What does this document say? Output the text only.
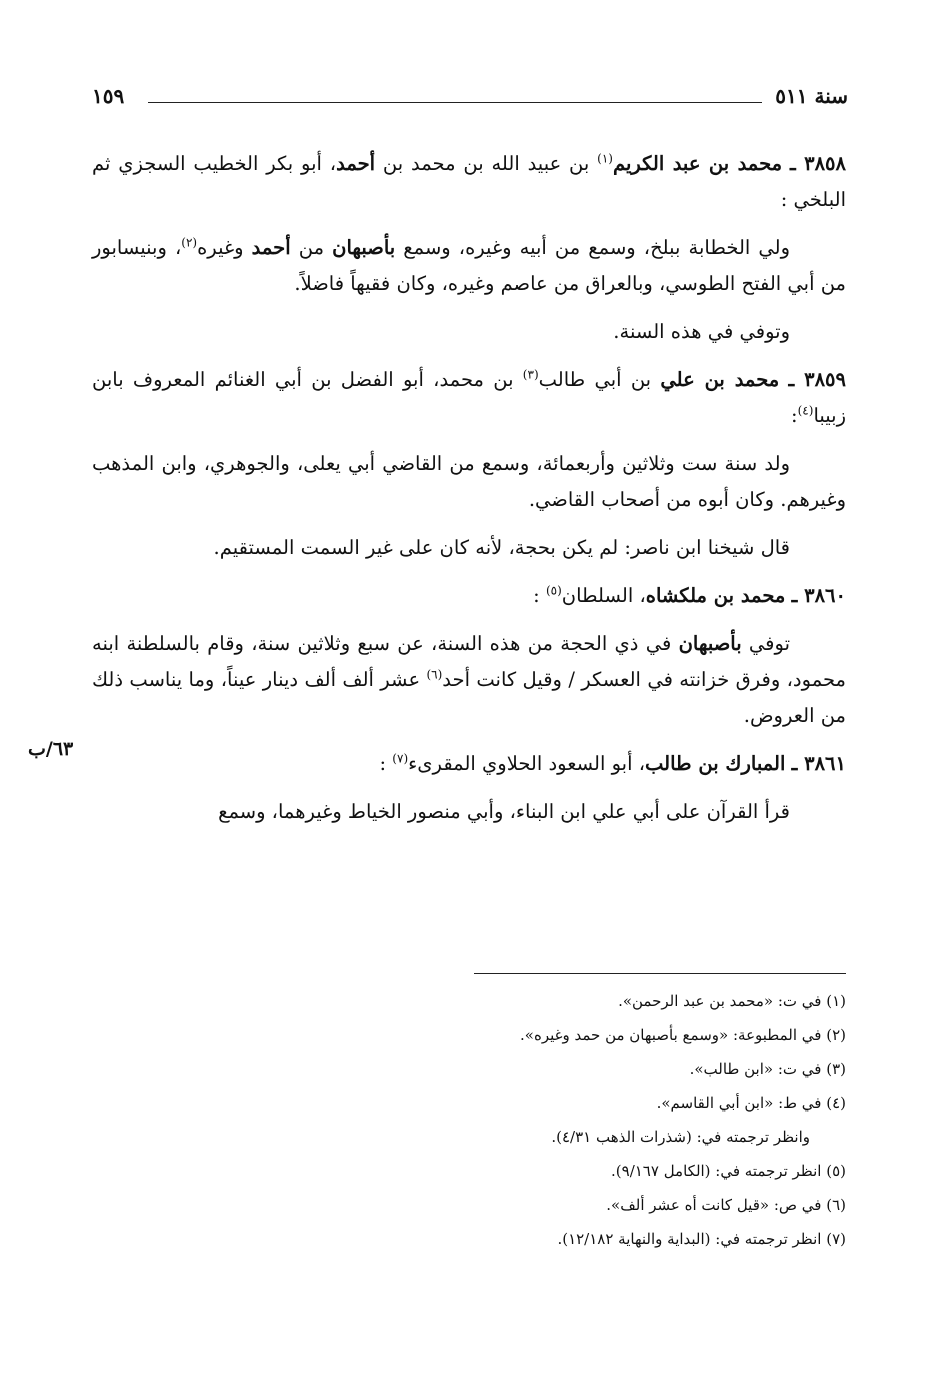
سنة ٥١١
١٥٩

٣٨٥٨ ـ محمد بن عبد الكريم$^{(١)}$ بن عبيد الله بن محمد بن أحمد، أبو بكر الخطيب السجزي ثم البلخي :

ولي الخطابة ببلخ، وسمع من أبيه وغيره، وسمع بأصبهان من أحمد وغيره$^{(٢)}$، وبنيسابور من أبي الفتح الطوسي، وبالعراق من عاصم وغيره، وكان فقيهاً فاضلاً.

وتوفي في هذه السنة.

٣٨٥٩ ـ محمد بن علي بن أبي طالب$^{(٣)}$ بن محمد، أبو الفضل بن أبي الغنائم المعروف بابن زبيبا$^{(٤)}$:

ولد سنة ست وثلاثين وأربعمائة، وسمع من القاضي أبي يعلى، والجوهري، وابن المذهب وغيرهم. وكان أبوه من أصحاب القاضي.

قال شيخنا ابن ناصر: لم يكن بحجة، لأنه كان على غير السمت المستقيم.

٣٨٦٠ ـ محمد بن ملكشاه، السلطان$^{(٥)}$ :

توفي بأصبهان في ذي الحجة من هذه السنة، عن سبع وثلاثين سنة، وقام بالسلطنة ابنه محمود، وفرق خزانته في العسكر / وقيل كانت أحد$^{(٦)}$ عشر ألف ألف دينار عيناً، وما يناسب ذلك من العروض.

٣٨٦١ ـ المبارك بن طالب، أبو السعود الحلاوي المقرىء$^{(٧)}$ :

قرأ القرآن على أبي علي ابن البناء، وأبي منصور الخياط وغيرهما، وسمع

٦٣/ب

(١) في ت: «محمد بن عبد الرحمن».

(٢) في المطبوعة: «وسمع بأصبهان من حمد وغيره».

(٣) في ت: «ابن طالب».

(٤) في ط: «ابن أبي القاسم».

وانظر ترجمته في: (شذرات الذهب ٤/٣١).

(٥) انظر ترجمته في: (الكامل ٩/١٦٧).

(٦) في ص: «قيل كانت أه عشر ألف».

(٧) انظر ترجمته في: (البداية والنهاية ١٢/١٨٢).
